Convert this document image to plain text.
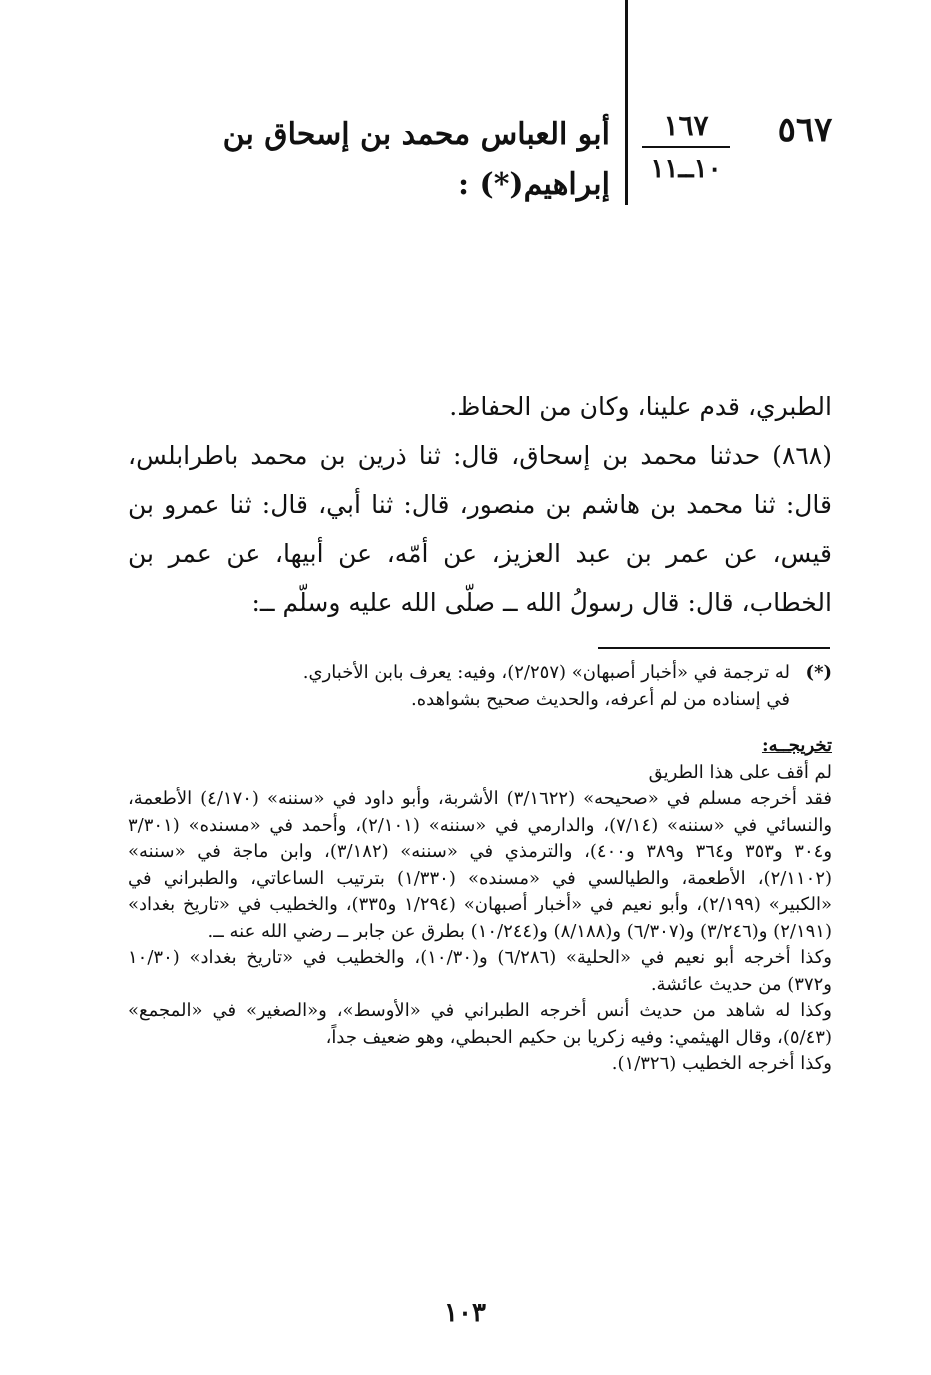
٥٦٧
١٦٧
١٠ــ١١
أبو العباس محمد بن إسحاق بن
إبراهيم(*) :

الطبري، قدم علينا، وكان من الحفاظ.

(٨٦٨) حدثنا محمد بن إسحاق، قال: ثنا ذرين بن محمد باطرابلس، قال: ثنا محمد بن هاشم بن منصور، قال: ثنا أبي، قال: ثنا عمرو بن قيس، عن عمر بن عبد العزيز، عن أمّه، عن أبيها، عن عمر بن الخطاب، قال: قال رسولُ الله ــ صلّى الله عليه وسلّم ــ:

(*)

له ترجمة في «أخبار أصبهان» (٢/٢٥٧)، وفيه: يعرف بابن الأخباري.

في إسناده من لم أعرفه، والحديث صحيح بشواهده.

تخريجــه:

لم أقف على هذا الطريق

فقد أخرجه مسلم في «صحيحه» (٣/١٦٢٢) الأشربة، وأبو داود في «سننه» (٤/١٧٠) الأطعمة، والنسائي في «سننه» (٧/١٤)، والدارمي في «سننه» (٢/١٠١)، وأحمد في «مسنده» (٣/٣٠١ و٣٠٤ و٣٥٣ و٣٦٤ و٣٨٩ و٤٠٠)، والترمذي في «سننه» (٣/١٨٢)، وابن ماجة في «سننه» (٢/١١٠٢)، الأطعمة، والطيالسي في «مسنده» (١/٣٣٠) بترتيب الساعاتي، والطبراني في «الكبير» (٢/١٩٩)، وأبو نعيم في «أخبار أصبهان» (١/٢٩٤ و٣٣٥)، والخطيب في «تاريخ بغداد» (٢/١٩١) و(٣/٢٤٦) و(٦/٣٠٧) و(٨/١٨٨) و(١٠/٢٤٤) بطرق عن جابر ــ رضي الله عنه ــ.

وكذا أخرجه أبو نعيم في «الحلية» (٦/٢٨٦) و(١٠/٣٠)، والخطيب في «تاريخ بغداد» (١٠/٣٠ و٣٧٢) من حديث عائشة.

وكذا له شاهد من حديث أنس أخرجه الطبراني في «الأوسط»، و«الصغير» في «المجمع» (٥/٤٣)، وقال الهيثمي: وفيه زكريا بن حكيم الحبطي، وهو ضعيف جداً،

وكذا أخرجه الخطيب (١/٣٢٦).

١٠٣
